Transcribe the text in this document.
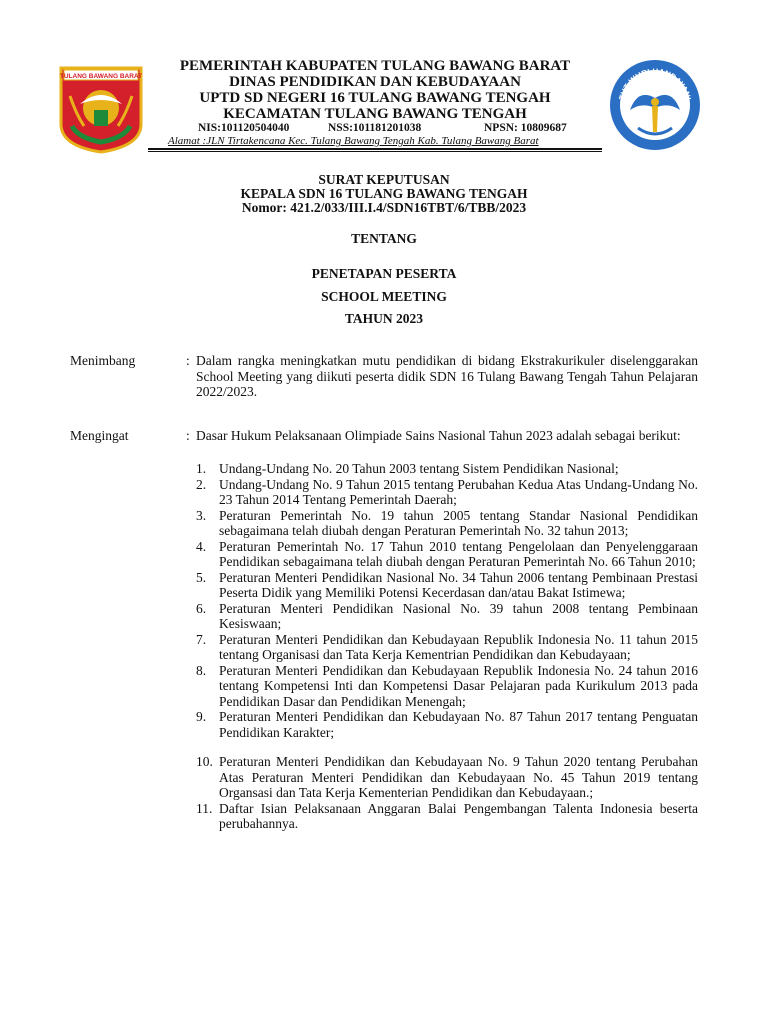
TULANG BAWANG BARAT
TUT WURI HANDAYANI
PEMERINTAH KABUPATEN TULANG BAWANG BARAT
DINAS PENDIDIKAN DAN KEBUDAYAAN
UPTD SD NEGERI 16 TULANG BAWANG TENGAH
KECAMATAN TULANG BAWANG TENGAH
NIS:101120504040	NSS:101181201038	NPSN: 10809687
Alamat :JLN Tirtakencana Kec. Tulang Bawang Tengah Kab. Tulang Bawang Barat
SURAT KEPUTUSAN
KEPALA SDN 16 TULANG BAWANG TENGAH
Nomor: 421.2/033/III.I.4/SDN16TBT/6/TBB/2023
TENTANG
PENETAPAN PESERTA
SCHOOL MEETING
TAHUN 2023
Menimbang	: Dalam rangka meningkatkan mutu pendidikan di bidang Ekstrakurikuler diselenggarakan School Meeting yang diikuti peserta didik SDN 16 Tulang Bawang Tengah Tahun Pelajaran 2022/2023.
Mengingat	: Dasar Hukum Pelaksanaan Olimpiade Sains Nasional Tahun 2023 adalah sebagai berikut:
1. Undang-Undang No. 20 Tahun 2003 tentang Sistem Pendidikan Nasional;
2. Undang-Undang No. 9 Tahun 2015 tentang Perubahan Kedua Atas Undang-Undang No. 23 Tahun 2014 Tentang Pemerintah Daerah;
3. Peraturan Pemerintah No. 19 tahun 2005 tentang Standar Nasional Pendidikan sebagaimana telah diubah dengan Peraturan Pemerintah No. 32 tahun 2013;
4. Peraturan Pemerintah No. 17 Tahun 2010 tentang Pengelolaan dan Penyelenggaraan Pendidikan sebagaimana telah diubah dengan Peraturan Pemerintah No. 66 Tahun 2010;
5. Peraturan Menteri Pendidikan Nasional No. 34 Tahun 2006 tentang Pembinaan Prestasi Peserta Didik yang Memiliki Potensi Kecerdasan dan/atau Bakat Istimewa;
6. Peraturan Menteri Pendidikan Nasional No. 39 tahun 2008 tentang Pembinaan Kesiswaan;
7. Peraturan Menteri Pendidikan dan Kebudayaan Republik Indonesia No. 11 tahun 2015 tentang Organisasi dan Tata Kerja Kementrian Pendidikan dan Kebudayaan;
8. Peraturan Menteri Pendidikan dan Kebudayaan Republik Indonesia No. 24 tahun 2016 tentang Kompetensi Inti dan Kompetensi Dasar Pelajaran pada Kurikulum 2013 pada Pendidikan Dasar dan Pendidikan Menengah;
9. Peraturan Menteri Pendidikan dan Kebudayaan No. 87 Tahun 2017 tentang Penguatan Pendidikan Karakter;
10. Peraturan Menteri Pendidikan dan Kebudayaan No. 9 Tahun 2020 tentang Perubahan Atas Peraturan Menteri Pendidikan dan Kebudayaan No. 45 Tahun 2019 tentang Organsasi dan Tata Kerja Kementerian Pendidikan dan Kebudayaan.;
11. Daftar Isian Pelaksanaan Anggaran Balai Pengembangan Talenta Indonesia beserta perubahannya.
